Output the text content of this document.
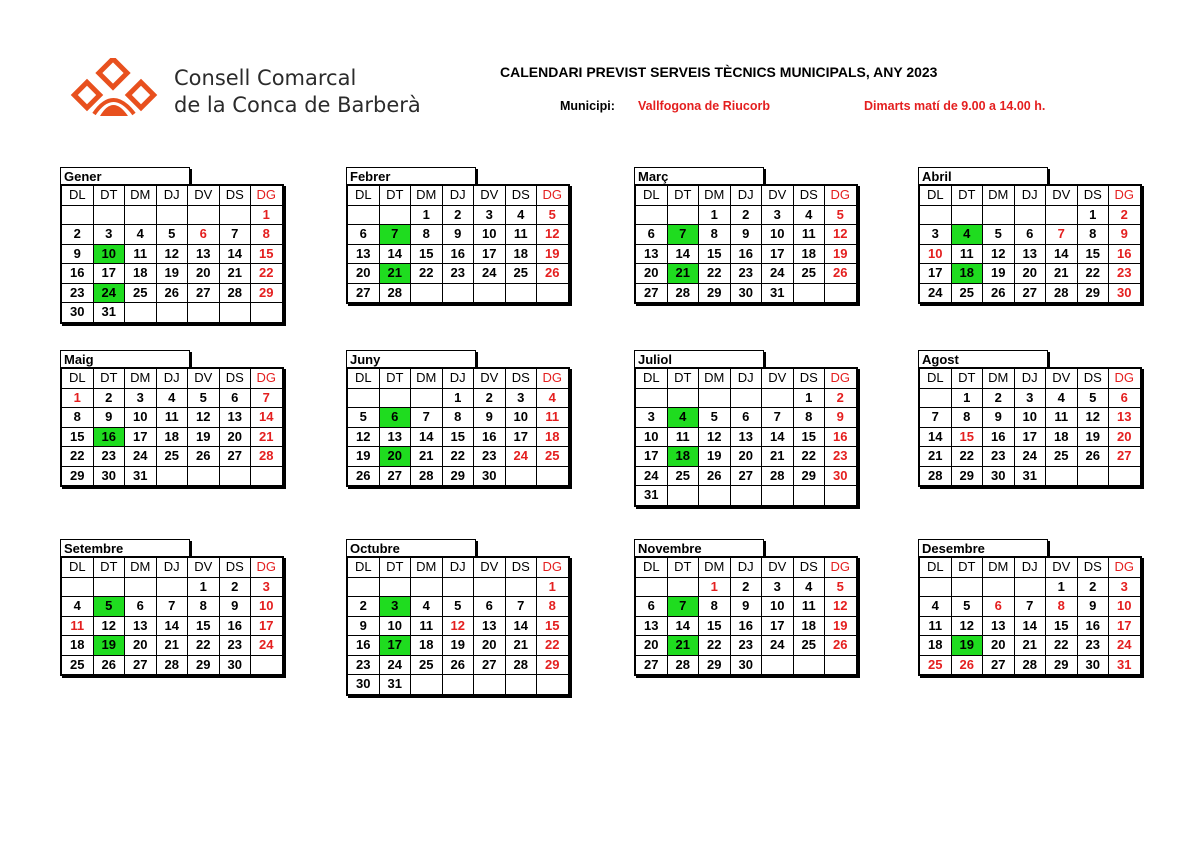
Consell Comarcal
de la Conca de Barberà
CALENDARI PREVIST SERVEIS TÈCNICS MUNICIPALS, ANY 2023
Municipi: Vallfogona de Riucorb	Dimarts matí de 9.00 a 14.00 h.
Gener
DL	DT	DM	DJ	DV	DS	DG
						1
2	3	4	5	6	7	8
9	10	11	12	13	14	15
16	17	18	19	20	21	22
23	24	25	26	27	28	29
30	31					
Febrer
DL	DT	DM	DJ	DV	DS	DG
		1	2	3	4	5
6	7	8	9	10	11	12
13	14	15	16	17	18	19
20	21	22	23	24	25	26
27	28					
Març
DL	DT	DM	DJ	DV	DS	DG
		1	2	3	4	5
6	7	8	9	10	11	12
13	14	15	16	17	18	19
20	21	22	23	24	25	26
27	28	29	30	31		
Abril
DL	DT	DM	DJ	DV	DS	DG
					1	2
3	4	5	6	7	8	9
10	11	12	13	14	15	16
17	18	19	20	21	22	23
24	25	26	27	28	29	30
Maig
DL	DT	DM	DJ	DV	DS	DG
1	2	3	4	5	6	7
8	9	10	11	12	13	14
15	16	17	18	19	20	21
22	23	24	25	26	27	28
29	30	31				
Juny
DL	DT	DM	DJ	DV	DS	DG
			1	2	3	4
5	6	7	8	9	10	11
12	13	14	15	16	17	18
19	20	21	22	23	24	25
26	27	28	29	30		
Juliol
DL	DT	DM	DJ	DV	DS	DG
					1	2
3	4	5	6	7	8	9
10	11	12	13	14	15	16
17	18	19	20	21	22	23
24	25	26	27	28	29	30
31						
Agost
DL	DT	DM	DJ	DV	DS	DG
	1	2	3	4	5	6
7	8	9	10	11	12	13
14	15	16	17	18	19	20
21	22	23	24	25	26	27
28	29	30	31			
Setembre
DL	DT	DM	DJ	DV	DS	DG
				1	2	3
4	5	6	7	8	9	10
11	12	13	14	15	16	17
18	19	20	21	22	23	24
25	26	27	28	29	30	
Octubre
DL	DT	DM	DJ	DV	DS	DG
						1
2	3	4	5	6	7	8
9	10	11	12	13	14	15
16	17	18	19	20	21	22
23	24	25	26	27	28	29
30	31					
Novembre
DL	DT	DM	DJ	DV	DS	DG
		1	2	3	4	5
6	7	8	9	10	11	12
13	14	15	16	17	18	19
20	21	22	23	24	25	26
27	28	29	30			
Desembre
DL	DT	DM	DJ	DV	DS	DG
				1	2	3
4	5	6	7	8	9	10
11	12	13	14	15	16	17
18	19	20	21	22	23	24
25	26	27	28	29	30	31
